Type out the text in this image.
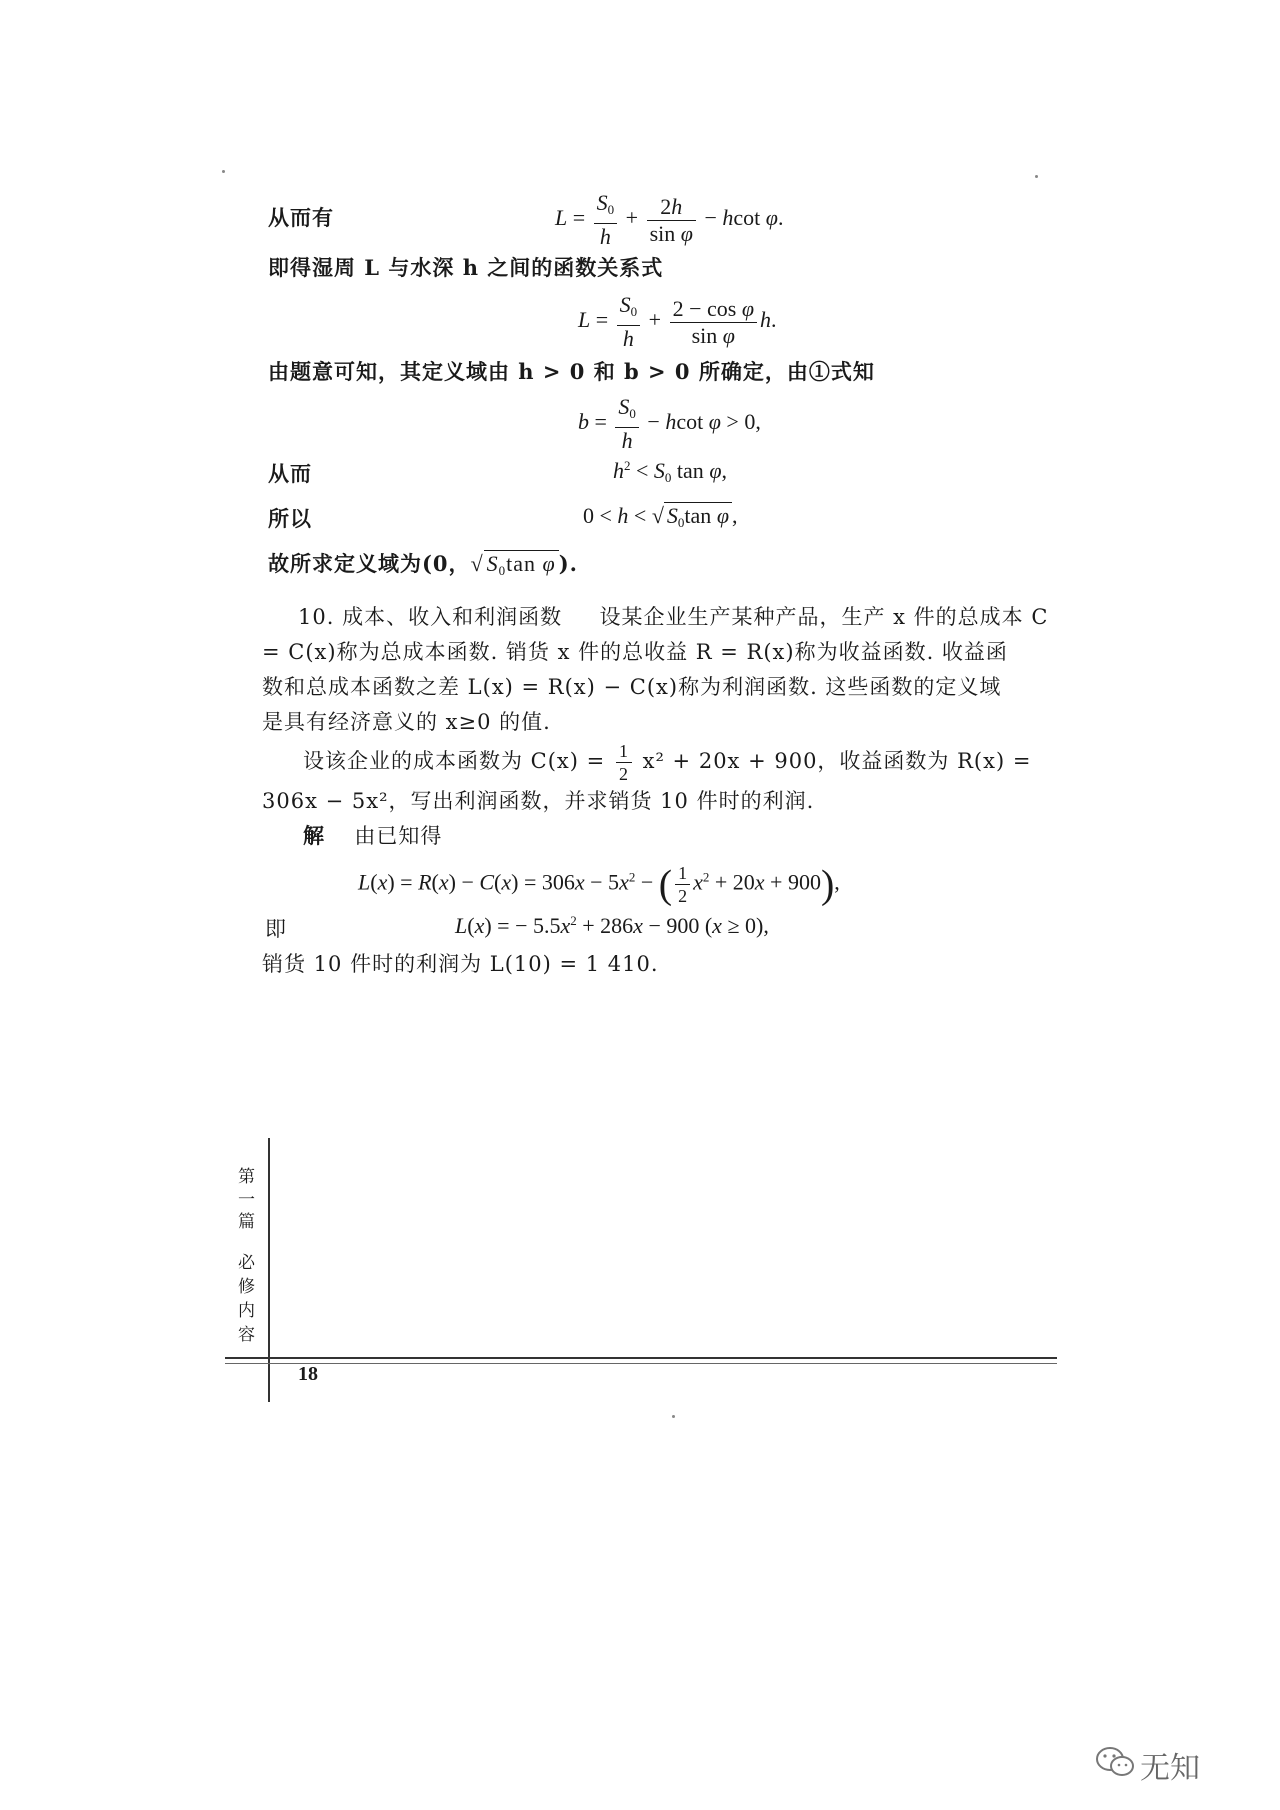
从而有	$L = \frac{S_0}{h} + \frac{2h}{\text{sin φ}} - hcot$ φ.
即得湿周 L 与水深 h 之间的函数关系式
$L = \frac{S_0}{h} + \frac{\text{2 − cos φ}}{\text{sin φ}} h$.
由题意可知，其定义域由 h > 0 和 b > 0 所确定，由①式知
$b = \frac{S_0}{h} - hcot$ φ > 0,
从而	$h^2 < S_0$ tan φ,
所以	0 < h < √ $S_0\tan$ φ ,
故所求定义域为(0，√ $S_0\tan$ φ ).
10. 成本、收入和利润函数 设某企业生产某种产品，生产 x 件的总成本 C
= C(x)称为总成本函数. 销货 x 件的总收益 R = R(x)称为收益函数. 收益函
数和总成本函数之差 L(x) = R(x) − C(x)称为利润函数. 这些函数的定义域
是具有经济意义的 x≥0 的值.
设该企业的成本函数为 $C(x) = \frac{1}{2} x^2 + 20x + 900$，收益函数为 R(x) =
306x − 5x²，写出利润函数，并求销货 10 件时的利润.
解 由已知得
$L(x) = R(x) - C(x) = 306x - 5x^2$ − ( $\frac{1}{2} x^2 + 20x + 900$),
即	L(x) = − $5.5x^2 + 286x - 900$ (x ≥ 0),
销货 10 件时的利润为 L(10) = 1 410.
第
一
篇
必
修
内
容
18
无知
